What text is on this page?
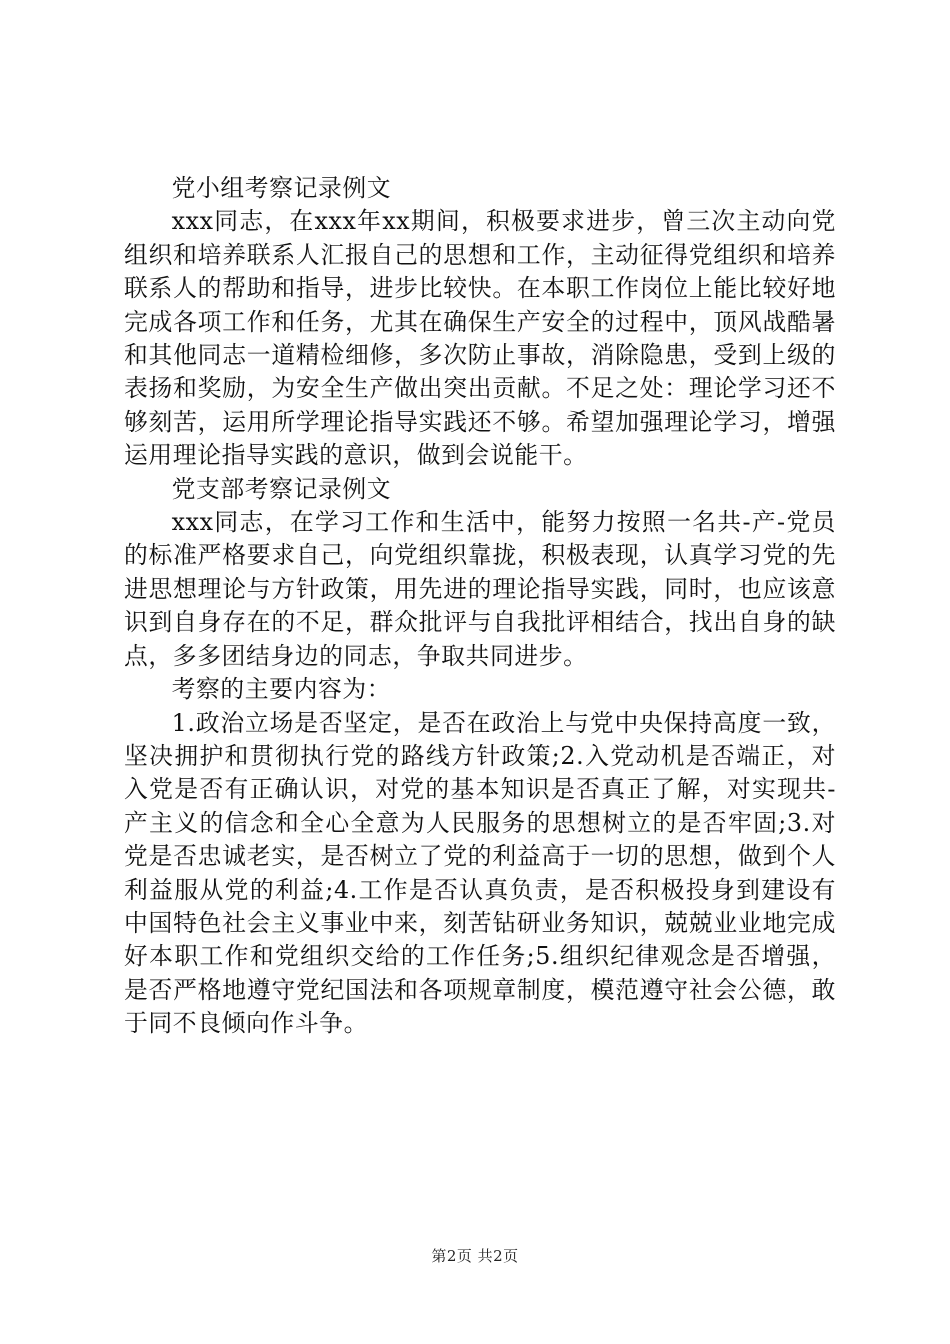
党小组考察记录例文

xxx同志，在xxx年xx期间，积极要求进步，曾三次主动向党组织和培养联系人汇报自己的思想和工作，主动征得党组织和培养联系人的帮助和指导，进步比较快。在本职工作岗位上能比较好地完成各项工作和任务，尤其在确保生产安全的过程中，顶风战酷暑和其他同志一道精检细修，多次防止事故，消除隐患，受到上级的表扬和奖励，为安全生产做出突出贡献。不足之处：理论学习还不够刻苦，运用所学理论指导实践还不够。希望加强理论学习，增强运用理论指导实践的意识，做到会说能干。

党支部考察记录例文

xxx同志，在学习工作和生活中，能努力按照一名共-产-党员的标准严格要求自己，向党组织靠拢，积极表现，认真学习党的先进思想理论与方针政策，用先进的理论指导实践，同时，也应该意识到自身存在的不足，群众批评与自我批评相结合，找出自身的缺点，多多团结身边的同志，争取共同进步。

考察的主要内容为：

1.政治立场是否坚定，是否在政治上与党中央保持高度一致，坚决拥护和贯彻执行党的路线方针政策;2.入党动机是否端正，对入党是否有正确认识，对党的基本知识是否真正了解，对实现共-产主义的信念和全心全意为人民服务的思想树立的是否牢固;3.对党是否忠诚老实，是否树立了党的利益高于一切的思想，做到个人利益服从党的利益;4.工作是否认真负责，是否积极投身到建设有中国特色社会主义事业中来，刻苦钻研业务知识，兢兢业业地完成好本职工作和党组织交给的工作任务;5.组织纪律观念是否增强，是否严格地遵守党纪国法和各项规章制度，模范遵守社会公德，敢于同不良倾向作斗争。

第2页 共2页
